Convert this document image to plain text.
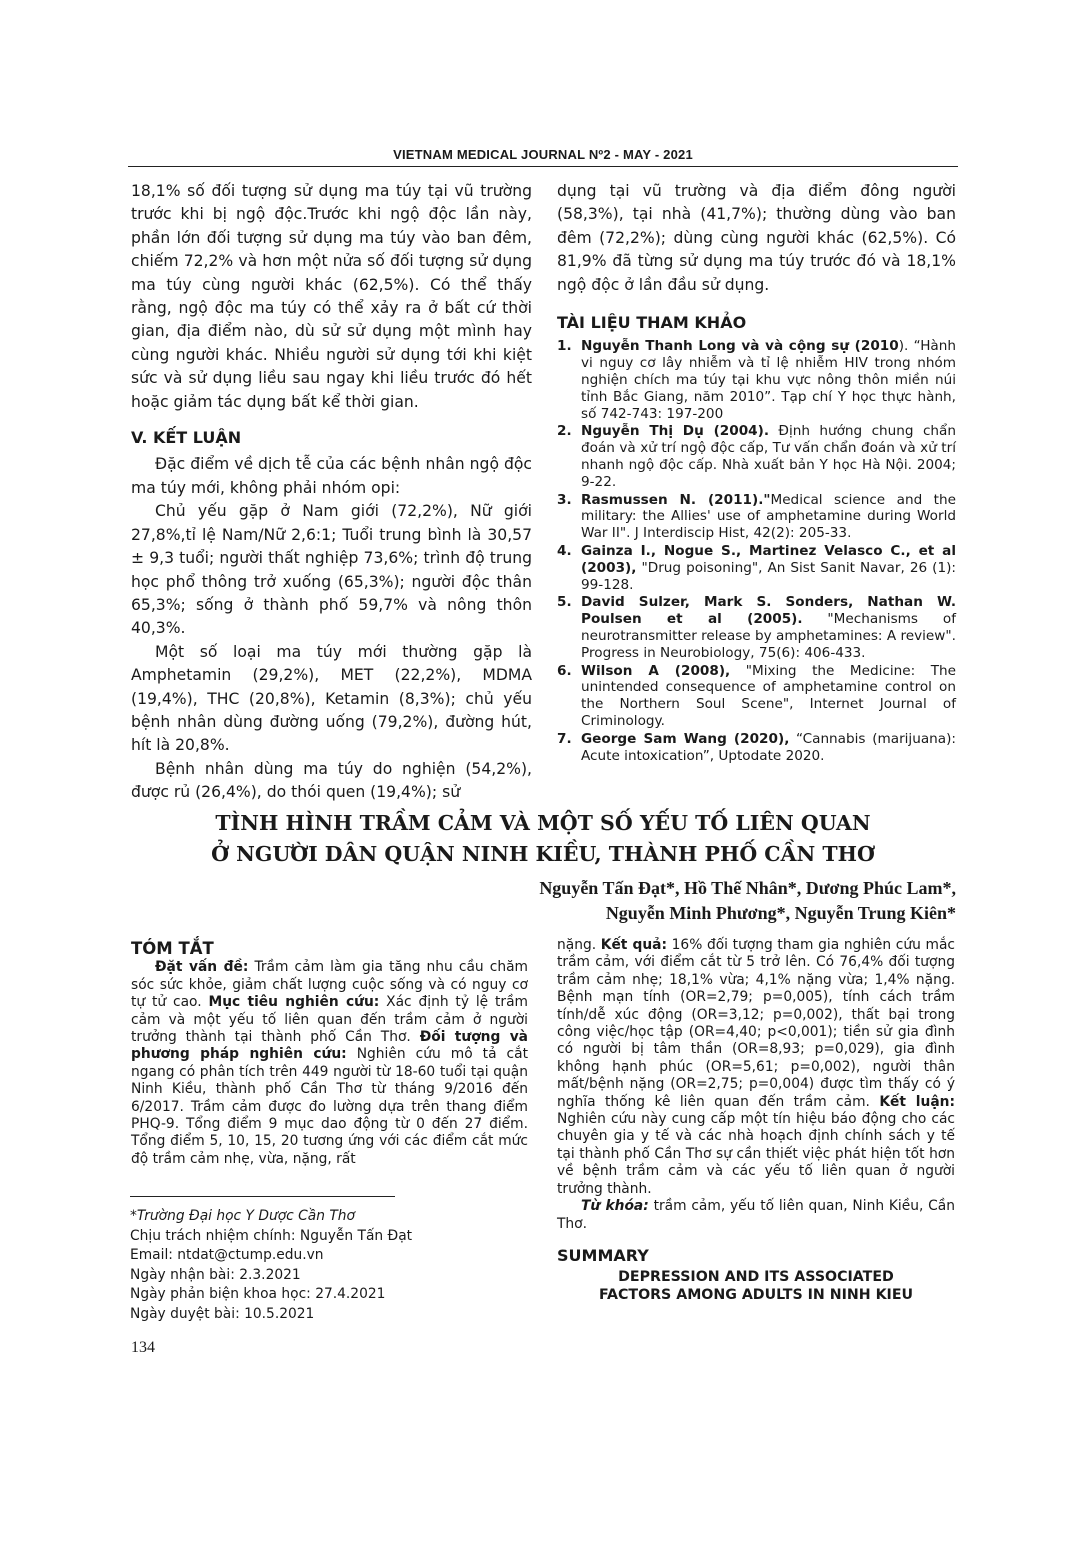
VIETNAM MEDICAL JOURNAL Nº2 - MAY - 2021

18,1% số đối tượng sử dụng ma túy tại vũ trường trước khi bị ngộ độc.Trước khi ngộ độc lần này, phần lớn đối tượng sử dụng ma túy vào ban đêm, chiếm 72,2% và hơn một nửa số đối tượng sử dụng ma túy cùng người khác (62,5%). Có thể thấy rằng, ngộ độc ma túy có thể xảy ra ở bất cứ thời gian, địa điểm nào, dù sử sử dụng một mình hay cùng người khác. Nhiều người sử dụng tới khi kiệt sức và sử dụng liều sau ngay khi liều trước đó hết hoặc giảm tác dụng bất kể thời gian.

V. KẾT LUẬN

Đặc điểm về dịch tễ của các bệnh nhân ngộ độc ma túy mới, không phải nhóm opi:

Chủ yếu gặp ở Nam giới (72,2%), Nữ giới 27,8%,tỉ lệ Nam/Nữ 2,6:1; Tuổi trung bình là 30,57 ± 9,3 tuổi; người thất nghiệp 73,6%; trình độ trung học phổ thông trở xuống (65,3%); người độc thân 65,3%; sống ở thành phố 59,7% và nông thôn 40,3%.

Một số loại ma túy mới thường gặp là Amphetamin (29,2%), MET (22,2%), MDMA (19,4%), THC (20,8%), Ketamin (8,3%); chủ yếu bệnh nhân dùng đường uống (79,2%), đường hút, hít là 20,8%.

Bệnh nhân dùng ma túy do nghiện (54,2%), được rủ (26,4%), do thói quen (19,4%); sử

dụng tại vũ trường và địa điểm đông người (58,3%), tại nhà (41,7%); thường dùng vào ban đêm (72,2%); dùng cùng người khác (62,5%). Có 81,9% đã từng sử dụng ma túy trước đó và 18,1% ngộ độc ở lần đầu sử dụng.

TÀI LIỆU THAM KHẢO
1. Nguyễn Thanh Long và và cộng sự (2010). “Hành vi nguy cơ lây nhiễm và tỉ lệ nhiễm HIV trong nhóm nghiện chích ma túy tại khu vực nông thôn miền núi tỉnh Bắc Giang, năm 2010”. Tạp chí Y học thực hành, số 742-743: 197-200
2. Nguyễn Thị Dụ (2004). Định hướng chung chẩn đoán và xử trí ngộ độc cấp, Tư vấn chẩn đoán và xử trí nhanh ngộ độc cấp. Nhà xuất bản Y học Hà Nội. 2004; 9-22.
3. Rasmussen N. (2011)."Medical science and the military: the Allies' use of amphetamine during World War II". J Interdiscip Hist, 42(2): 205-33.
4. Gainza I., Nogue S., Martinez Velasco C., et al (2003), "Drug poisoning", An Sist Sanit Navar, 26 (1): 99-128.
5. David Sulzer, Mark S. Sonders, Nathan W. Poulsen et al (2005). "Mechanisms of neurotransmitter release by amphetamines: A review". Progress in Neurobiology, 75(6): 406-433.
6. Wilson A (2008), "Mixing the Medicine: The unintended consequence of amphetamine control on the Northern Soul Scene", Internet Journal of Criminology.
7. George Sam Wang (2020), “Cannabis (marijuana): Acute intoxication”, Uptodate 2020.
TÌNH HÌNH TRẦM CẢM VÀ MỘT SỐ YẾU TỐ LIÊN QUAN
Ở NGƯỜI DÂN QUẬN NINH KIỀU, THÀNH PHỐ CẦN THƠ
Nguyễn Tấn Đạt*, Hồ Thế Nhân*, Dương Phúc Lam*,
Nguyễn Minh Phương*, Nguyễn Trung Kiên*

TÓM TẮT

Đặt vấn đề: Trầm cảm làm gia tăng nhu cầu chăm sóc sức khỏe, giảm chất lượng cuộc sống và có nguy cơ tự tử cao. Mục tiêu nghiên cứu: Xác định tỷ lệ trầm cảm và một yếu tố liên quan đến trầm cảm ở người trưởng thành tại thành phố Cần Thơ. Đối tượng và phương pháp nghiên cứu: Nghiên cứu mô tả cắt ngang có phân tích trên 449 người từ 18-60 tuổi tại quận Ninh Kiều, thành phố Cần Thơ từ tháng 9/2016 đến 6/2017. Trầm cảm được đo lường dựa trên thang điểm PHQ-9. Tổng điểm 9 mục dao động từ 0 đến 27 điểm. Tổng điểm 5, 10, 15, 20 tương ứng với các điểm cắt mức độ trầm cảm nhẹ, vừa, nặng, rất

nặng. Kết quả: 16% đối tượng tham gia nghiên cứu mắc trầm cảm, với điểm cắt từ 5 trở lên. Có 76,4% đối tượng trầm cảm nhẹ; 18,1% vừa; 4,1% nặng vừa; 1,4% nặng. Bệnh mạn tính (OR=2,79; p=0,005), tính cách trầm tính/dễ xúc động (OR=3,12; p=0,002), thất bại trong công việc/học tập (OR=4,40; p<0,001); tiền sử gia đình có người bị tâm thần (OR=8,93; p=0,029), gia đình không hạnh phúc (OR=5,61; p=0,002), người thân mất/bệnh nặng (OR=2,75; p=0,004) được tìm thấy có ý nghĩa thống kê liên quan đến trầm cảm. Kết luận: Nghiên cứu này cung cấp một tín hiệu báo động cho các chuyên gia y tế và các nhà hoạch định chính sách y tế tại thành phố Cần Thơ sự cần thiết việc phát hiện tốt hơn về bệnh trầm cảm và các yếu tố liên quan ở người trưởng thành.

Từ khóa: trầm cảm, yếu tố liên quan, Ninh Kiều, Cần Thơ.

SUMMARY
DEPRESSION AND ITS ASSOCIATED
FACTORS AMONG ADULTS IN NINH KIEU
*Trường Đại học Y Dược Cần Thơ
Chịu trách nhiệm chính: Nguyễn Tấn Đạt
Email: ntdat@ctump.edu.vn
Ngày nhận bài: 2.3.2021
Ngày phản biện khoa học: 27.4.2021
Ngày duyệt bài: 10.5.2021
134
